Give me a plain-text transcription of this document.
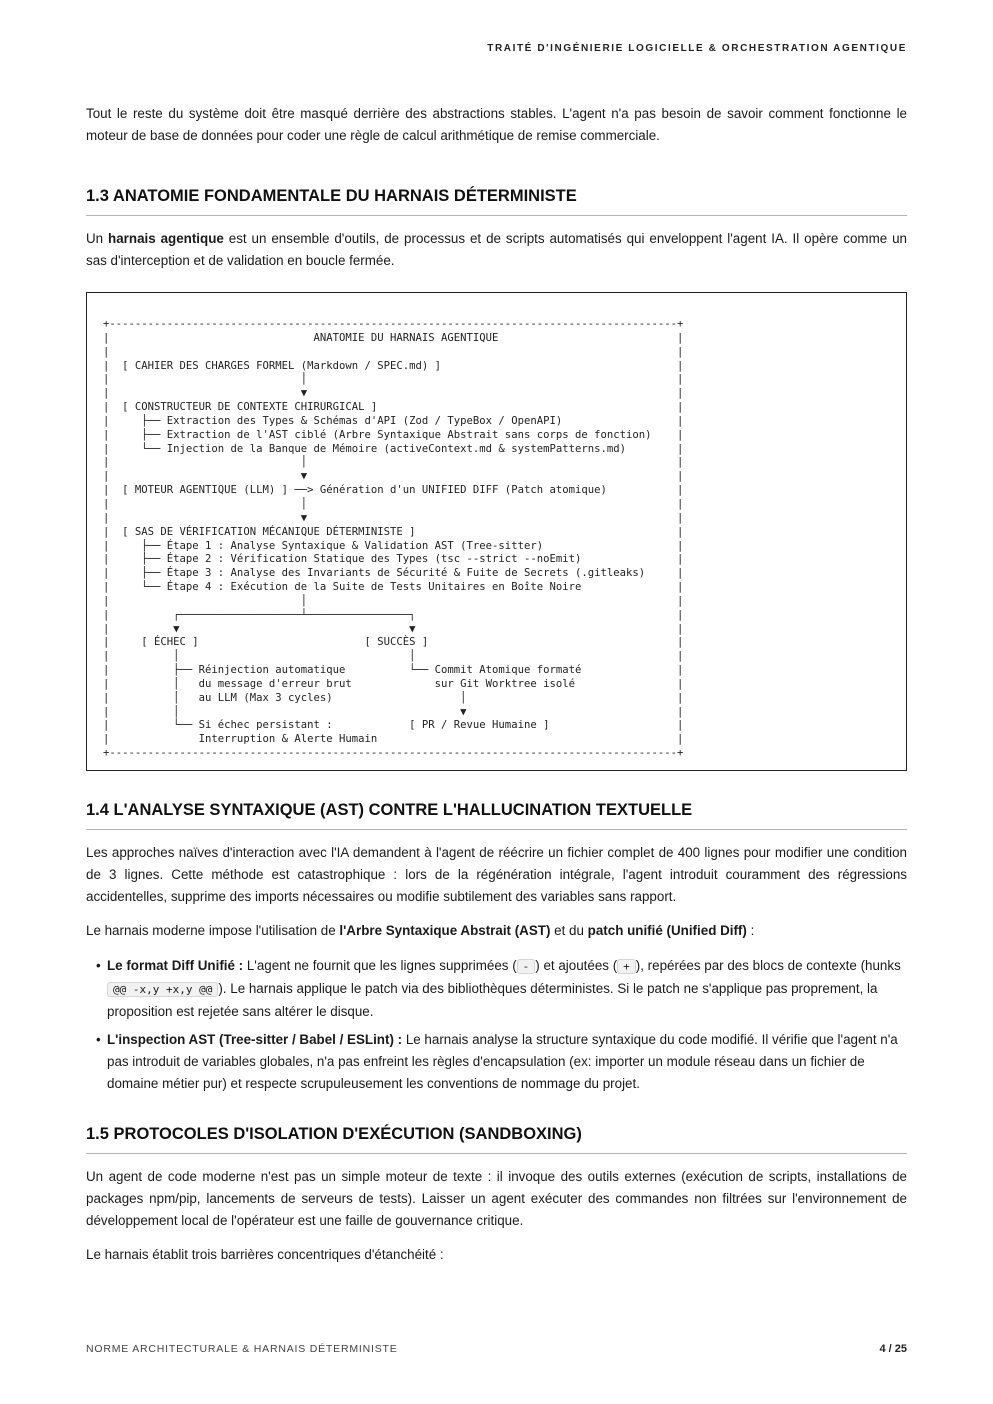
TRAITÉ D'INGÉNIERIE LOGICIELLE & ORCHESTRATION AGENTIQUE

Tout le reste du système doit être masqué derrière des abstractions stables. L'agent n'a pas besoin de savoir comment fonctionne le moteur de base de données pour coder une règle de calcul arithmétique de remise commerciale.

1.3 ANATOMIE FONDAMENTALE DU HARNAIS DÉTERMINISTE

Un harnais agentique est un ensemble d'outils, de processus et de scripts automatisés qui enveloppent l'agent IA. Il opère comme un sas d'interception et de validation en boucle fermée.

+-----------------------------------------------------------------------------------------+
|                                ANATOMIE DU HARNAIS AGENTIQUE                            |
|                                                                                         |
|  [ CAHIER DES CHARGES FORMEL (Markdown / SPEC.md) ]                                     |
|                              │                                                          |
|                              ▼                                                          |
|  [ CONSTRUCTEUR DE CONTEXTE CHIRURGICAL ]                                               |
|     ├── Extraction des Types & Schémas d'API (Zod / TypeBox / OpenAPI)                  |
|     ├── Extraction de l'AST ciblé (Arbre Syntaxique Abstrait sans corps de fonction)    |
|     └── Injection de la Banque de Mémoire (activeContext.md & systemPatterns.md)        |
|                              │                                                          |
|                              ▼                                                          |
|  [ MOTEUR AGENTIQUE (LLM) ] ──> Génération d'un UNIFIED DIFF (Patch atomique)           |
|                              │                                                          |
|                              ▼                                                          |
|  [ SAS DE VÉRIFICATION MÉCANIQUE DÉTERMINISTE ]                                         |
|     ├── Étape 1 : Analyse Syntaxique & Validation AST (Tree-sitter)                     |
|     ├── Étape 2 : Vérification Statique des Types (tsc --strict --noEmit)               |
|     ├── Étape 3 : Analyse des Invariants de Sécurité & Fuite de Secrets (.gitleaks)     |
|     └── Étape 4 : Exécution de la Suite de Tests Unitaires en Boîte Noire               |
|                              │                                                          |
|          ┌───────────────────┴────────────────┐                                         |
|          ▼                                    ▼                                         |
|     [ ÉCHEC ]                          [ SUCCÈS ]                                       |
|          │                                    │                                         |
|          ├── Réinjection automatique          └── Commit Atomique formaté               |
|          │   du message d'erreur brut             sur Git Worktree isolé                |
|          │   au LLM (Max 3 cycles)                    │                                 |
|          │                                            ▼                                 |
|          └── Si échec persistant :            [ PR / Revue Humaine ]                    |
|              Interruption & Alerte Humain                                               |
+-----------------------------------------------------------------------------------------+
1.4 L'ANALYSE SYNTAXIQUE (AST) CONTRE L'HALLUCINATION TEXTUELLE

Les approches naïves d'interaction avec l'IA demandent à l'agent de réécrire un fichier complet de 400 lignes pour modifier une condition de 3 lignes. Cette méthode est catastrophique : lors de la régénération intégrale, l'agent introduit couramment des régressions accidentelles, supprime des imports nécessaires ou modifie subtilement des variables sans rapport.

Le harnais moderne impose l'utilisation de l'Arbre Syntaxique Abstrait (AST) et du patch unifié (Unified Diff) :

• Le format Diff Unifié : L'agent ne fournit que les lignes supprimées ( - ) et ajoutées ( + ), repérées par des blocs de contexte (hunks @@ -x,y +x,y @@ ). Le harnais applique le patch via des bibliothèques déterministes. Si le patch ne s'applique pas proprement, la proposition est rejetée sans altérer le disque.
• L'inspection AST (Tree-sitter / Babel / ESLint) : Le harnais analyse la structure syntaxique du code modifié. Il vérifie que l'agent n'a pas introduit de variables globales, n'a pas enfreint les règles d'encapsulation (ex: importer un module réseau dans un fichier de domaine métier pur) et respecte scrupuleusement les conventions de nommage du projet.
1.5 PROTOCOLES D'ISOLATION D'EXÉCUTION (SANDBOXING)

Un agent de code moderne n'est pas un simple moteur de texte : il invoque des outils externes (exécution de scripts, installations de packages npm/pip, lancements de serveurs de tests). Laisser un agent exécuter des commandes non filtrées sur l'environnement de développement local de l'opérateur est une faille de gouvernance critique.

Le harnais établit trois barrières concentriques d'étanchéité :

NORME ARCHITECTURALE & HARNAIS DÉTERMINISTE	4 / 25
